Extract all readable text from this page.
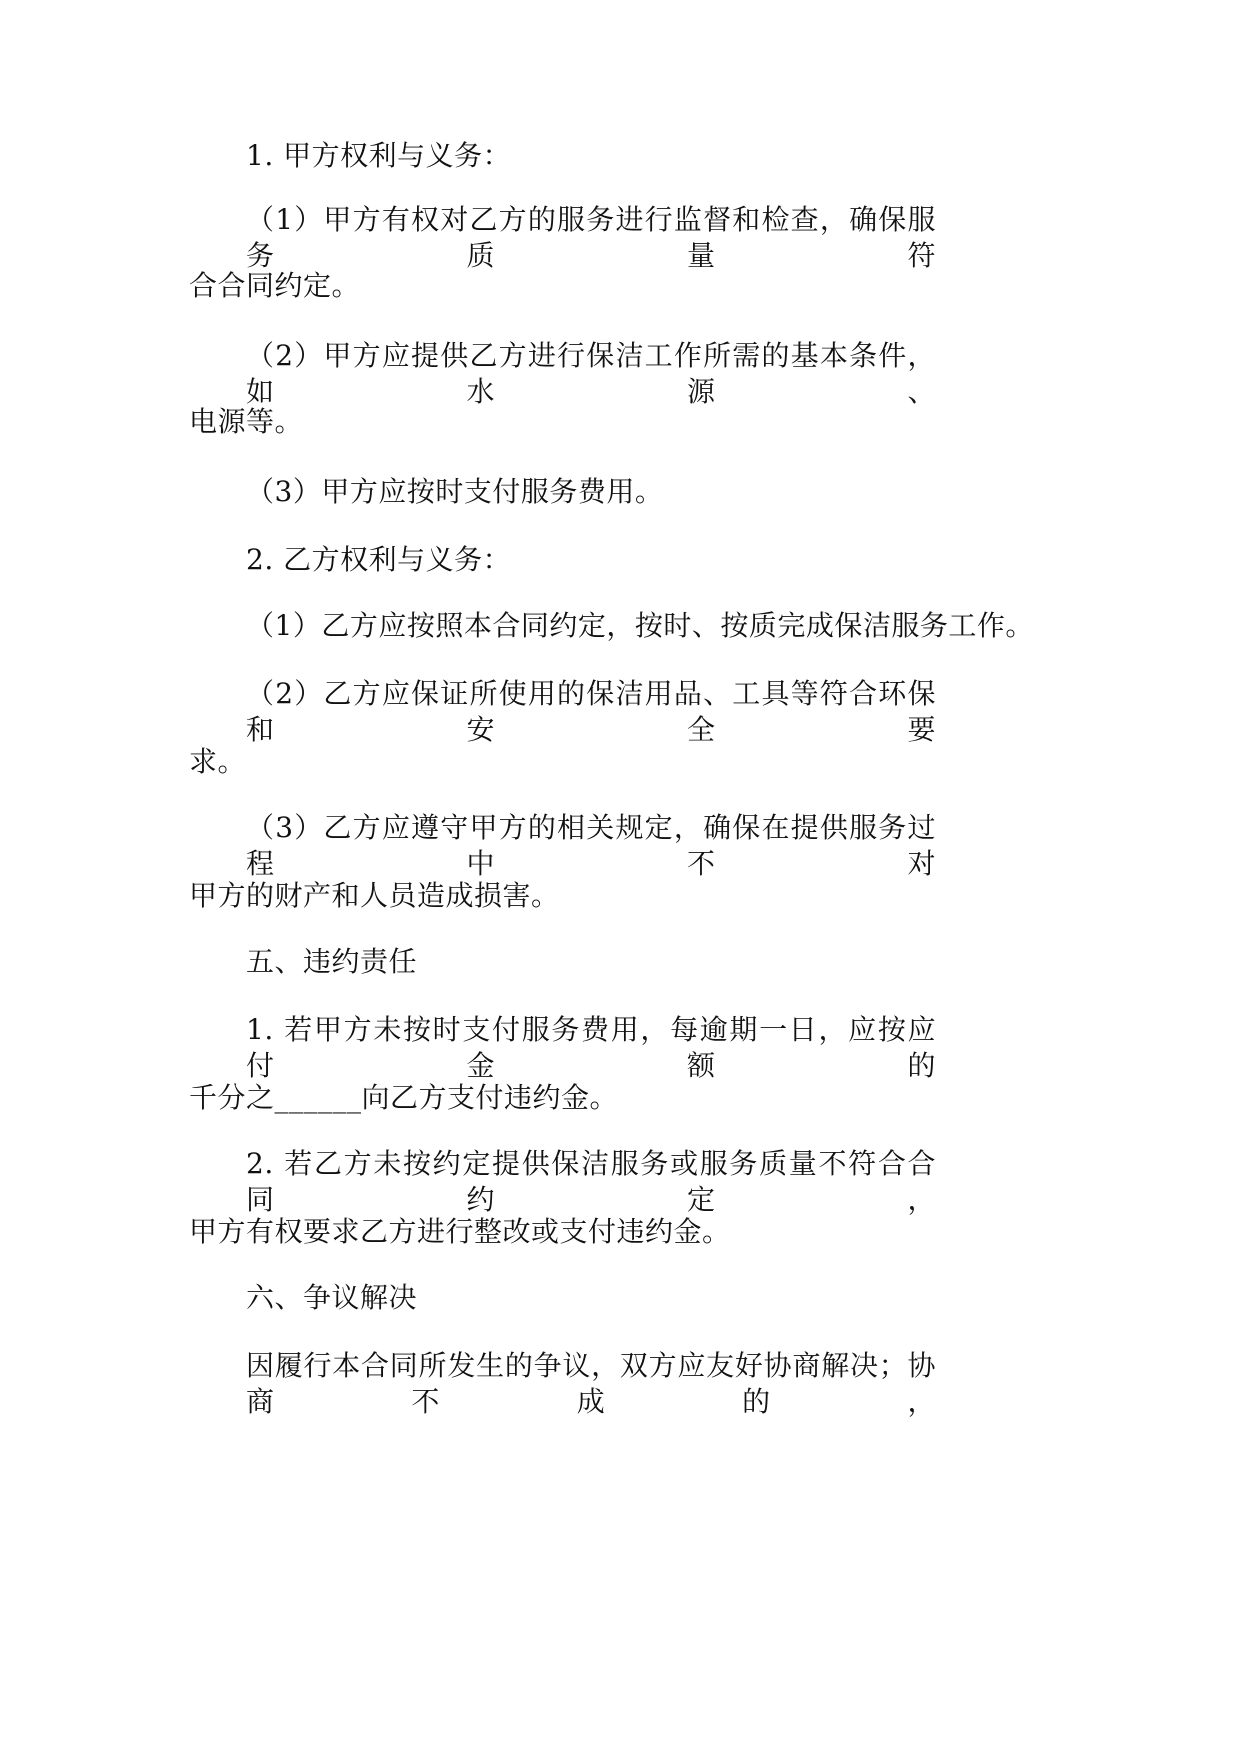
1. 甲方权利与义务：
（1）甲方有权对乙方的服务进行监督和检查，确保服务质量符
合合同约定。
（2）甲方应提供乙方进行保洁工作所需的基本条件，如水源、
电源等。
（3）甲方应按时支付服务费用。
2. 乙方权利与义务：
（1）乙方应按照本合同约定，按时、按质完成保洁服务工作。
（2）乙方应保证所使用的保洁用品、工具等符合环保和安全要
求。
（3）乙方应遵守甲方的相关规定，确保在提供服务过程中不对
甲方的财产和人员造成损害。
五、违约责任
1. 若甲方未按时支付服务费用，每逾期一日，应按应付金额的
千分之______向乙方支付违约金。
2. 若乙方未按约定提供保洁服务或服务质量不符合合同约定，
甲方有权要求乙方进行整改或支付违约金。
六、争议解决
因履行本合同所发生的争议，双方应友好协商解决；协商不成的，
